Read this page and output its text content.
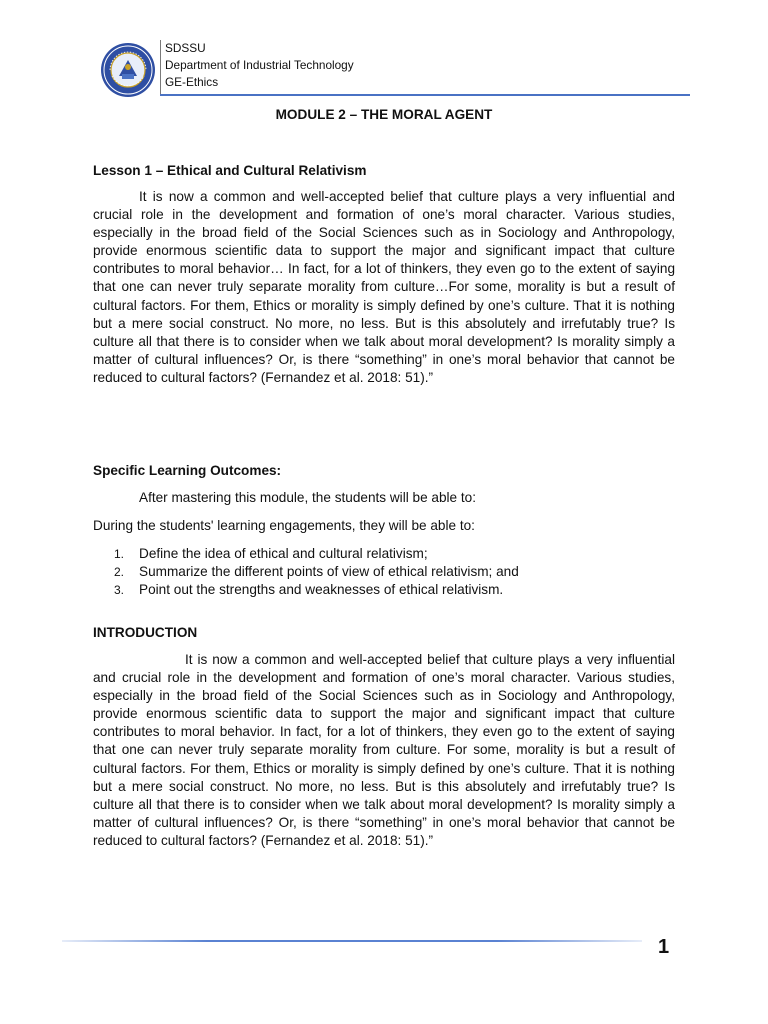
SDSSU
Department of Industrial Technology
GE-Ethics

MODULE 2 – THE MORAL AGENT

Lesson 1 – Ethical and Cultural Relativism

It is now a common and well-accepted belief that culture plays a very influential and crucial role in the development and formation of one’s moral character. Various studies, especially in the broad field of the Social Sciences such as in Sociology and Anthropology, provide enormous scientific data to support the major and significant impact that culture contributes to moral behavior… In fact, for a lot of thinkers, they even go to the extent of saying that one can never truly separate morality from culture…For some, morality is but a result of cultural factors. For them, Ethics or morality is simply defined by one’s culture. That it is nothing but a mere social construct. No more, no less. But is this absolutely and irrefutably true? Is culture all that there is to consider when we talk about moral development? Is morality simply a matter of cultural influences? Or, is there “something” in one’s moral behavior that cannot be reduced to cultural factors? (Fernandez et al. 2018: 51).”

Specific Learning Outcomes:

After mastering this module, the students will be able to:

During the students' learning engagements, they will be able to:

1. Define the idea of ethical and cultural relativism;
2. Summarize the different points of view of ethical relativism; and
3. Point out the strengths and weaknesses of ethical relativism.

INTRODUCTION

It is now a common and well-accepted belief that culture plays a very influential and crucial role in the development and formation of one’s moral character. Various studies, especially in the broad field of the Social Sciences such as in Sociology and Anthropology, provide enormous scientific data to support the major and significant impact that culture contributes to moral behavior. In fact, for a lot of thinkers, they even go to the extent of saying that one can never truly separate morality from culture. For some, morality is but a result of cultural factors. For them, Ethics or morality is simply defined by one’s culture. That it is nothing but a mere social construct. No more, no less. But is this absolutely and irrefutably true? Is culture all that there is to consider when we talk about moral development? Is morality simply a matter of cultural influences? Or, is there “something” in one’s moral behavior that cannot be reduced to cultural factors? (Fernandez et al. 2018: 51).”

1
